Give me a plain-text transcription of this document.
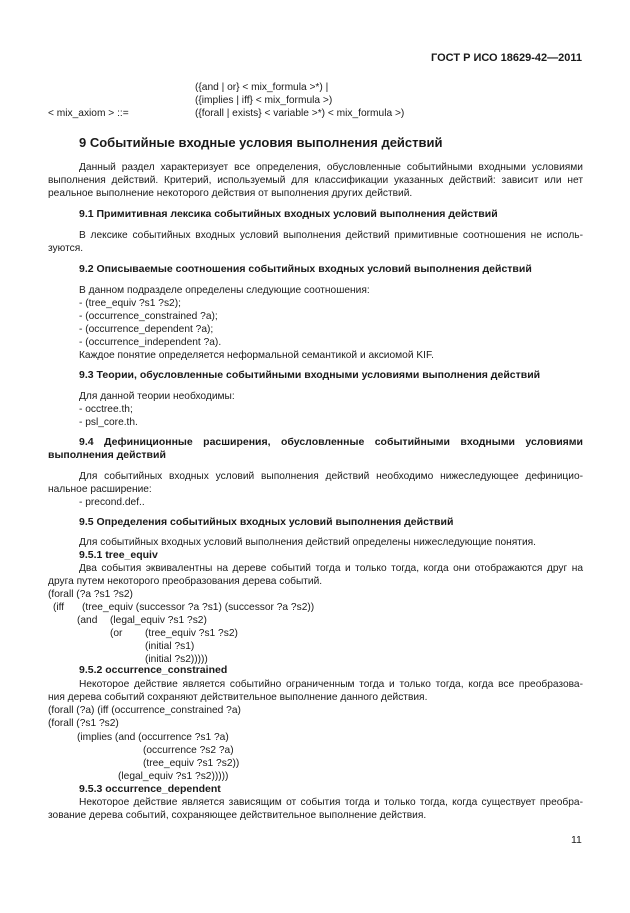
ГОСТ Р ИСО 18629-42—2011
({and | or} < mix_formula >*) |
({implies | iff} < mix_formula >)
< mix_axiom > ::=	({forall | exists} < variable >*) < mix_formula >)
9 Событийные входные условия выполнения действий
Данный раздел характеризует все определения, обусловленные событийными входными условиями
выполнения действий. Критерий, используемый для классификации указанных действий: зависит или нет
реальное выполнение некоторого действия от выполнения других действий.
9.1 Примитивная лексика событийных входных условий выполнения действий
В лексике событийных входных условий выполнения действий примитивные соотношения не исполь-
зуются.
9.2 Описываемые соотношения событийных входных условий выполнения действий
В данном подразделе определены следующие соотношения:
- (tree_equiv ?s1 ?s2);
- (occurrence_constrained ?a);
- (occurrence_dependent ?a);
- (occurrence_independent ?a).
Каждое понятие определяется неформальной семантикой и аксиомой KIF.
9.3 Теории, обусловленные событийными входными условиями выполнения действий
Для данной теории необходимы:
- occtree.th;
- psl_core.th.
9.4 Дефиниционные расширения, обусловленные событийными входными условиями
выполнения действий
Для событийных входных условий выполнения действий необходимо нижеследующее дефиницио-
нальное расширение:
- precond.def..
9.5 Определения событийных входных условий выполнения действий
Для событийных входных условий выполнения действий определены нижеследующие понятия.
9.5.1 tree_equiv
Два события эквивалентны на дереве событий тогда и только тогда, когда они отображаются друг на
друга путем некоторого преобразования дерева событий.
(forall (?a ?s1 ?s2)
(iff (tree_equiv (successor ?a ?s1) (successor ?a ?s2))
(and (legal_equiv ?s1 ?s2)
(or (tree_equiv ?s1 ?s2)
(initial ?s1)
(initial ?s2)))))
9.5.2 occurrence_constrained
Некоторое действие является событийно ограниченным тогда и только тогда, когда все преобразова-
ния дерева событий сохраняют действительное выполнение данного действия.
(forall (?a) (iff (occurrence_constrained ?a)
(forall (?s1 ?s2)
(implies (and (occurrence ?s1 ?a)
(occurrence ?s2 ?a)
(tree_equiv ?s1 ?s2))
(legal_equiv ?s1 ?s2)))))
9.5.3 occurrence_dependent
Некоторое действие является зависящим от события тогда и только тогда, когда существует преобра-
зование дерева событий, сохраняющее действительное выполнение действия.
11
